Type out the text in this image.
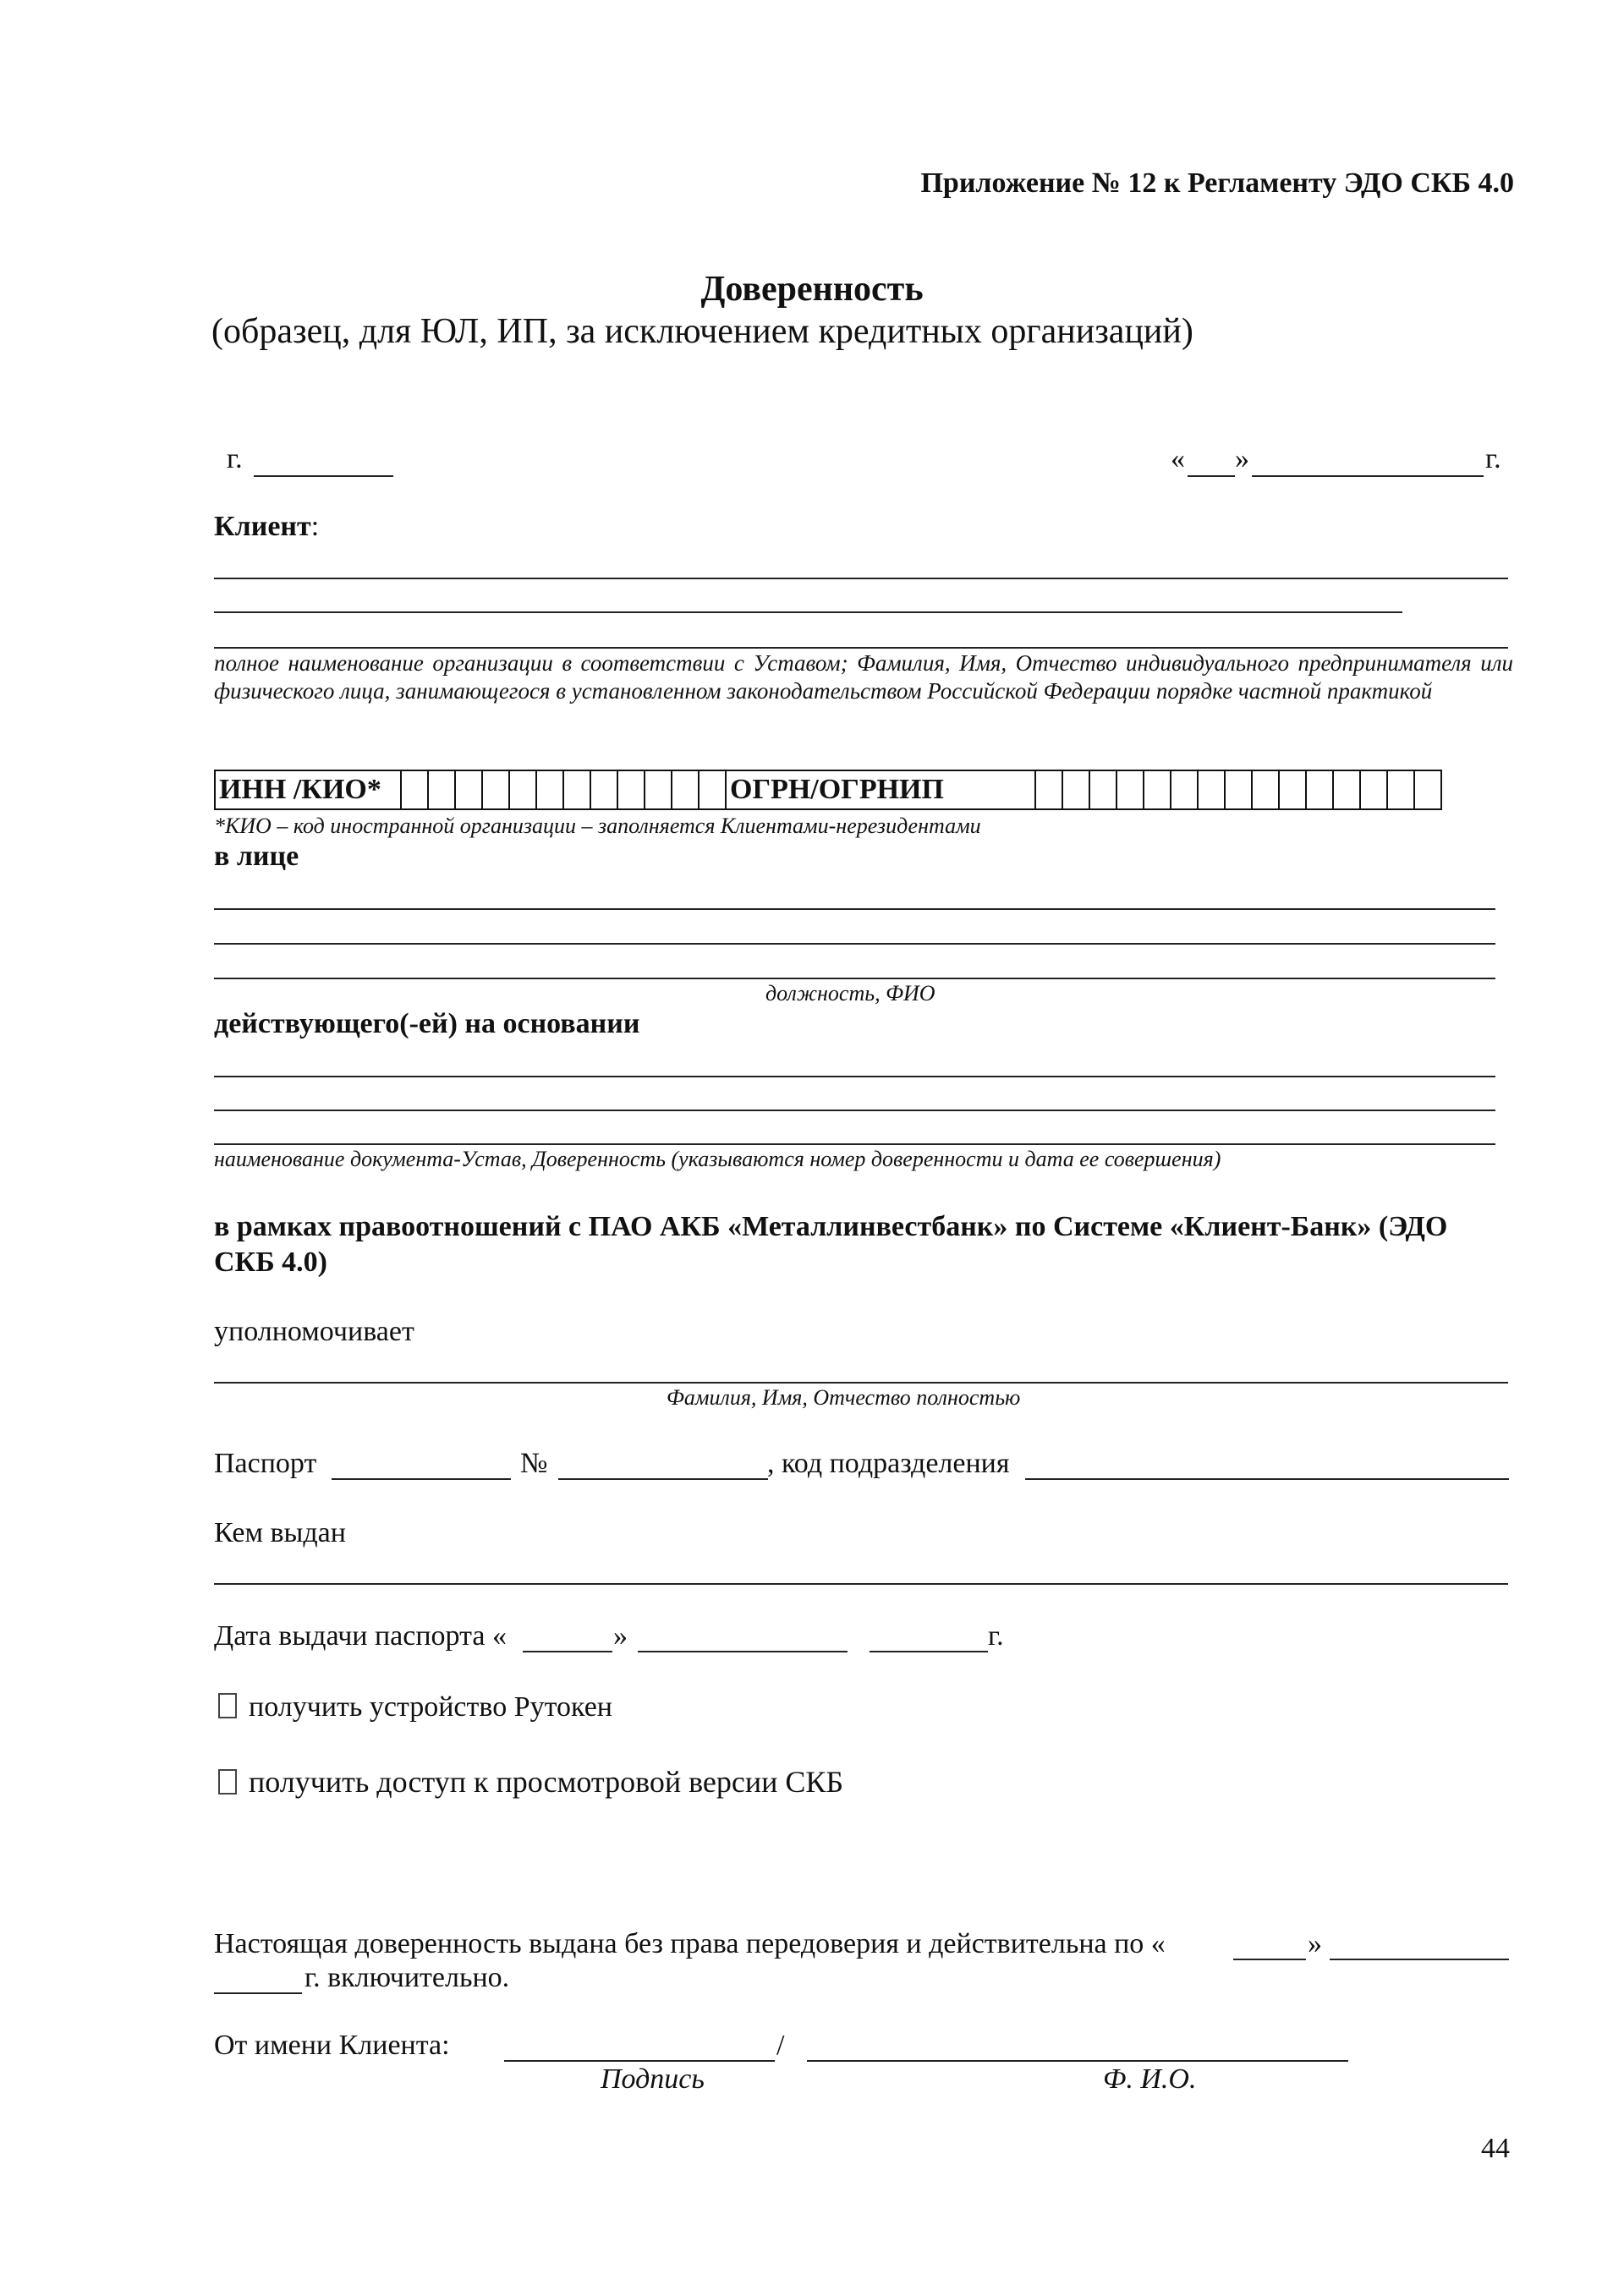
Приложение № 12 к Регламенту ЭДО СКБ 4.0
Доверенность
(образец, для ЮЛ, ИП, за исключением кредитных организаций)
г.	« »	г.
Клиент:
полное наименование организации в соответствии с Уставом; Фамилия, Имя, Отчество индивидуального предпринимателя или физического лица, занимающегося в установленном законодательством Российской Федерации порядке частной практикой
ИНН /КИО*													ОГРН/ОГРНИП															
*КИО – код иностранной организации – заполняется Клиентами-нерезидентами
в лице
должность, ФИО
действующего(-ей) на основании
наименование документа-Устав, Доверенность (указываются номер доверенности и дата ее совершения)
в рамках правоотношений с ПАО АКБ «Металлинвестбанк» по Системе «Клиент-Банк» (ЭДО
СКБ 4.0)
уполномочивает
Фамилия, Имя, Отчество полностью
Паспорт	№	, код подразделения
Кем выдан
Дата выдачи паспорта «	»	г.
получить устройство Рутокен
получить доступ к просмотровой версии СКБ
Настоящая доверенность выдана без права передоверия и действительна по «	»
г. включительно.
От имени Клиента:	/
Подпись	Ф. И.О.
44
